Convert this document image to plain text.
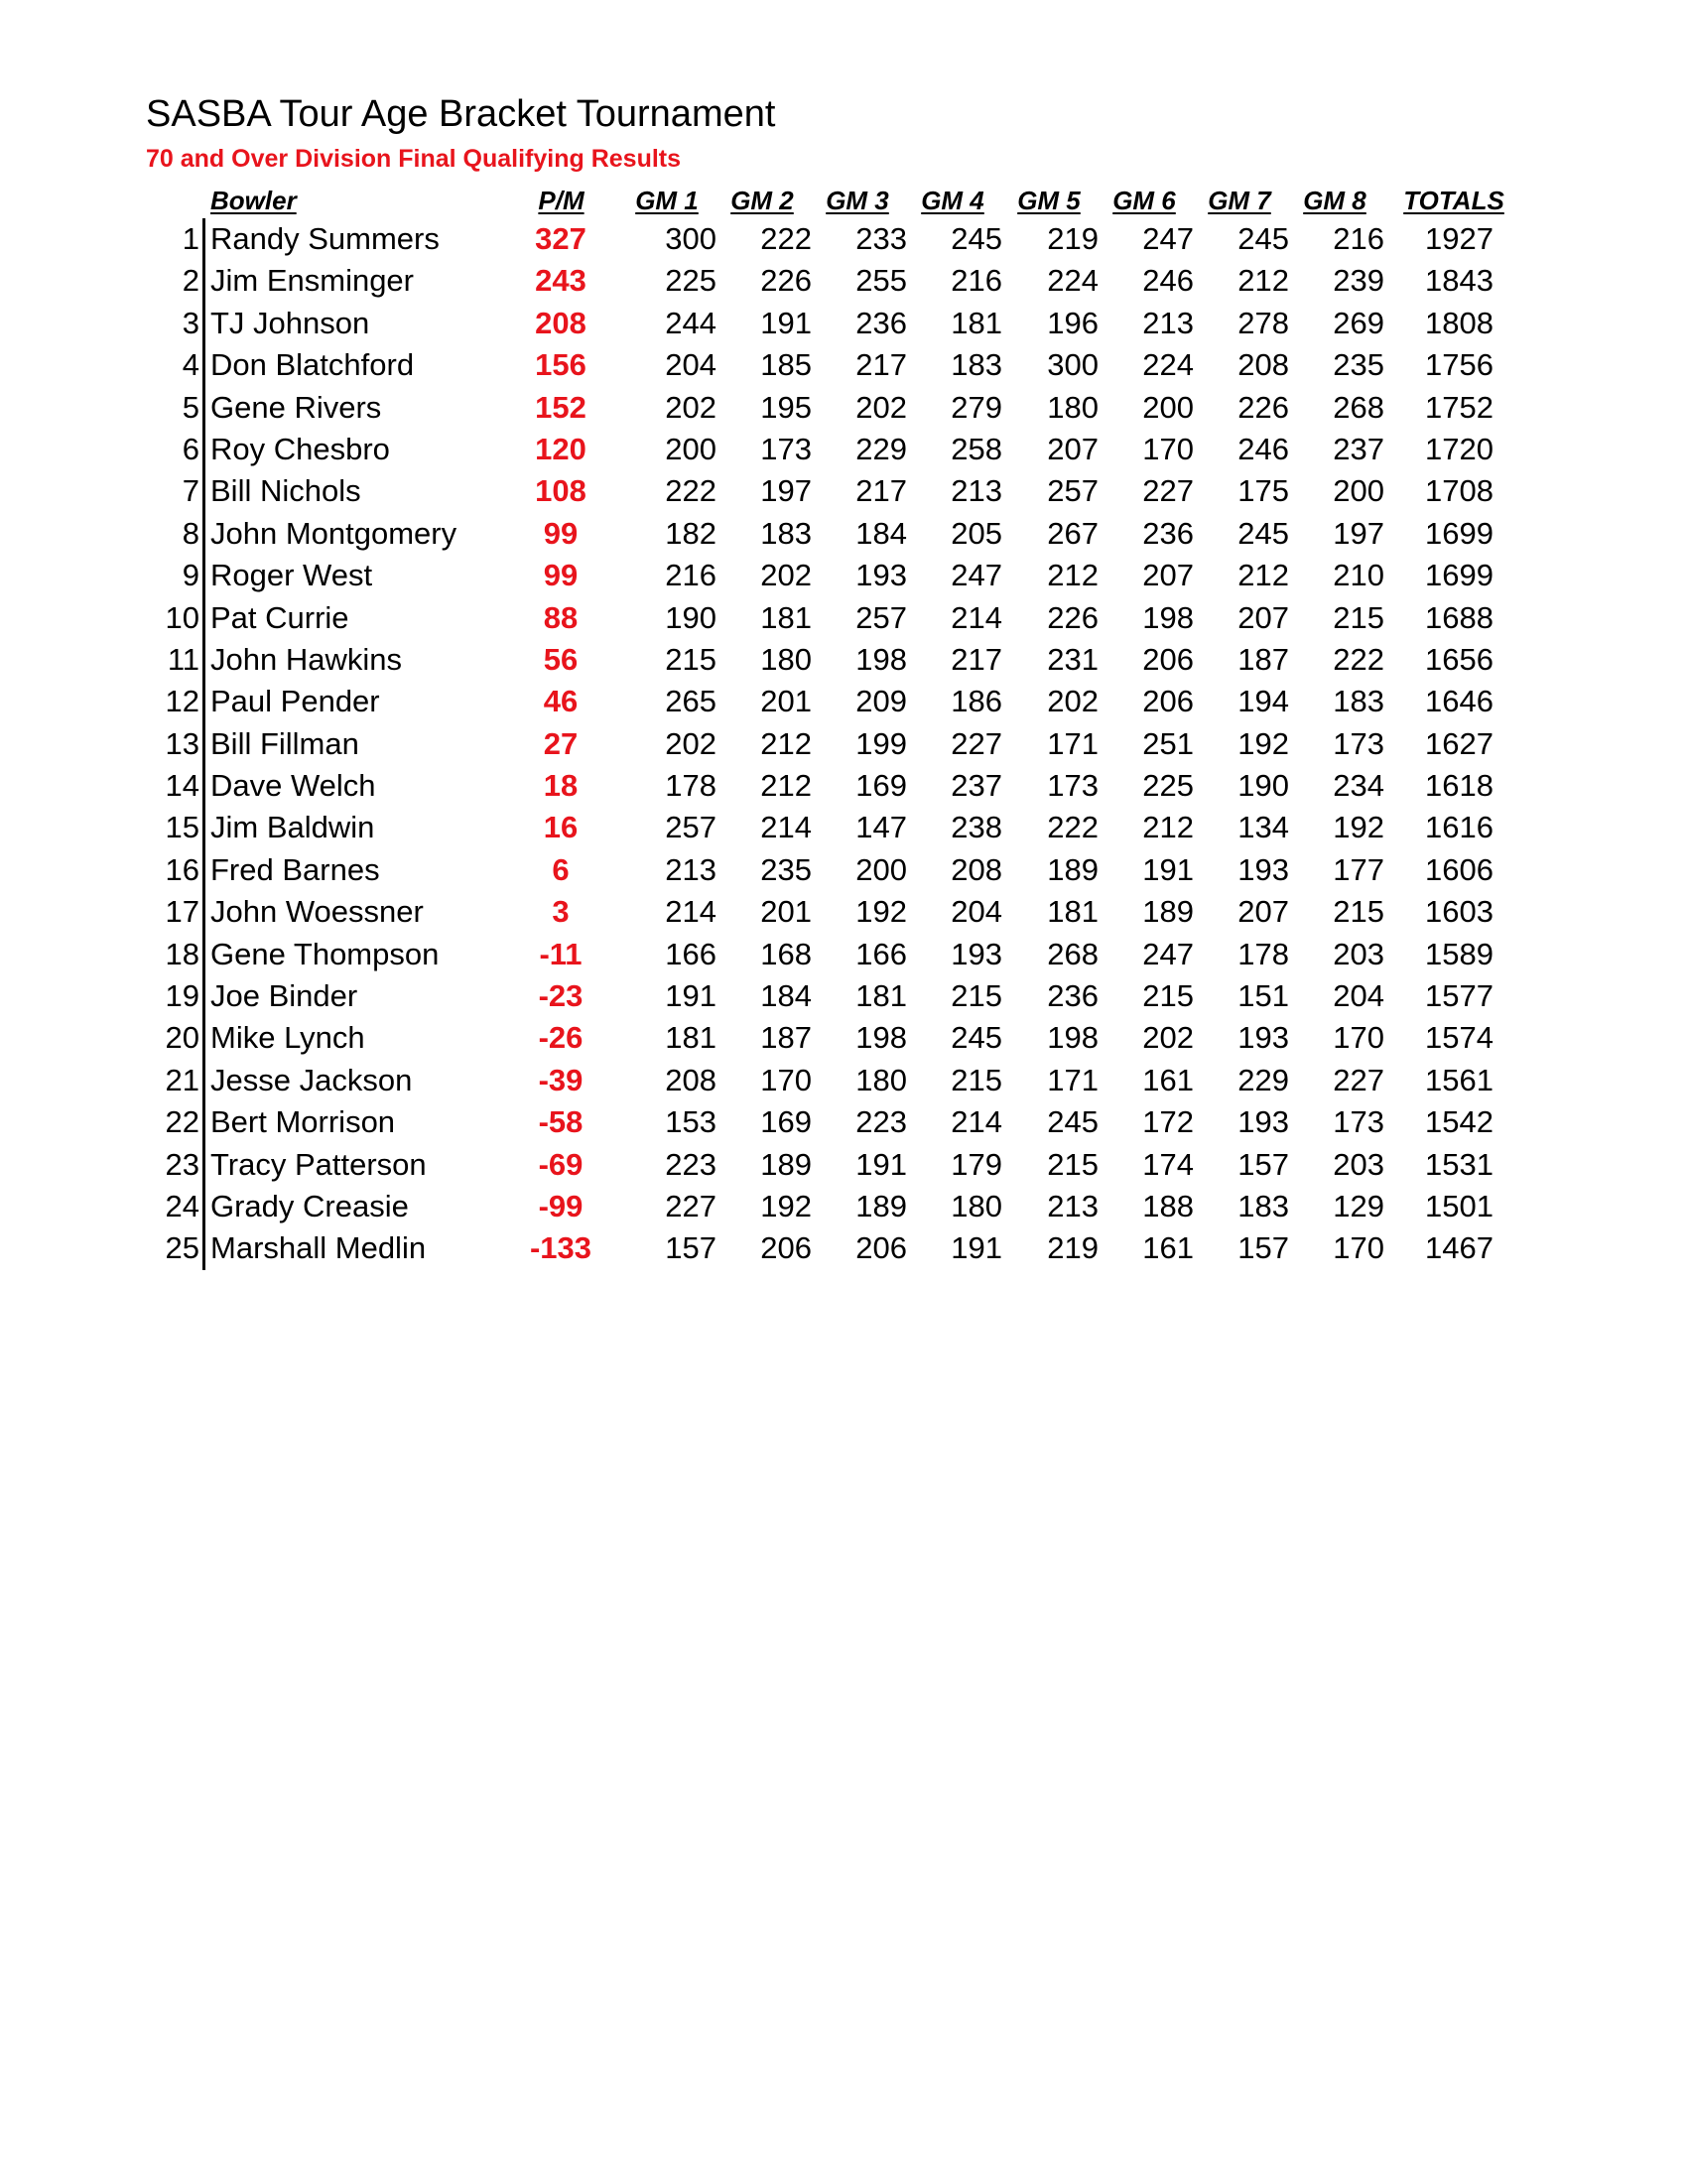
SASBA Tour Age Bracket Tournament
70 and Over Division Final Qualifying Results
Bowler	P/M	GM 1	GM 2	GM 3	GM 4	GM 5	GM 6	GM 7	GM 8	TOTALS
1 Randy Summers	327	300	222	233	245	219	247	245	216	1927
2 Jim Ensminger	243	225	226	255	216	224	246	212	239	1843
3 TJ Johnson	208	244	191	236	181	196	213	278	269	1808
4 Don Blatchford	156	204	185	217	183	300	224	208	235	1756
5 Gene Rivers	152	202	195	202	279	180	200	226	268	1752
6 Roy Chesbro	120	200	173	229	258	207	170	246	237	1720
7 Bill Nichols	108	222	197	217	213	257	227	175	200	1708
8 John Montgomery	99	182	183	184	205	267	236	245	197	1699
9 Roger West	99	216	202	193	247	212	207	212	210	1699
10 Pat Currie	88	190	181	257	214	226	198	207	215	1688
11 John Hawkins	56	215	180	198	217	231	206	187	222	1656
12 Paul Pender	46	265	201	209	186	202	206	194	183	1646
13 Bill Fillman	27	202	212	199	227	171	251	192	173	1627
14 Dave Welch	18	178	212	169	237	173	225	190	234	1618
15 Jim Baldwin	16	257	214	147	238	222	212	134	192	1616
16 Fred Barnes	6	213	235	200	208	189	191	193	177	1606
17 John Woessner	3	214	201	192	204	181	189	207	215	1603
18 Gene Thompson	-11	166	168	166	193	268	247	178	203	1589
19 Joe Binder	-23	191	184	181	215	236	215	151	204	1577
20 Mike Lynch	-26	181	187	198	245	198	202	193	170	1574
21 Jesse Jackson	-39	208	170	180	215	171	161	229	227	1561
22 Bert Morrison	-58	153	169	223	214	245	172	193	173	1542
23 Tracy Patterson	-69	223	189	191	179	215	174	157	203	1531
24 Grady Creasie	-99	227	192	189	180	213	188	183	129	1501
25 Marshall Medlin	-133	157	206	206	191	219	161	157	170	1467
